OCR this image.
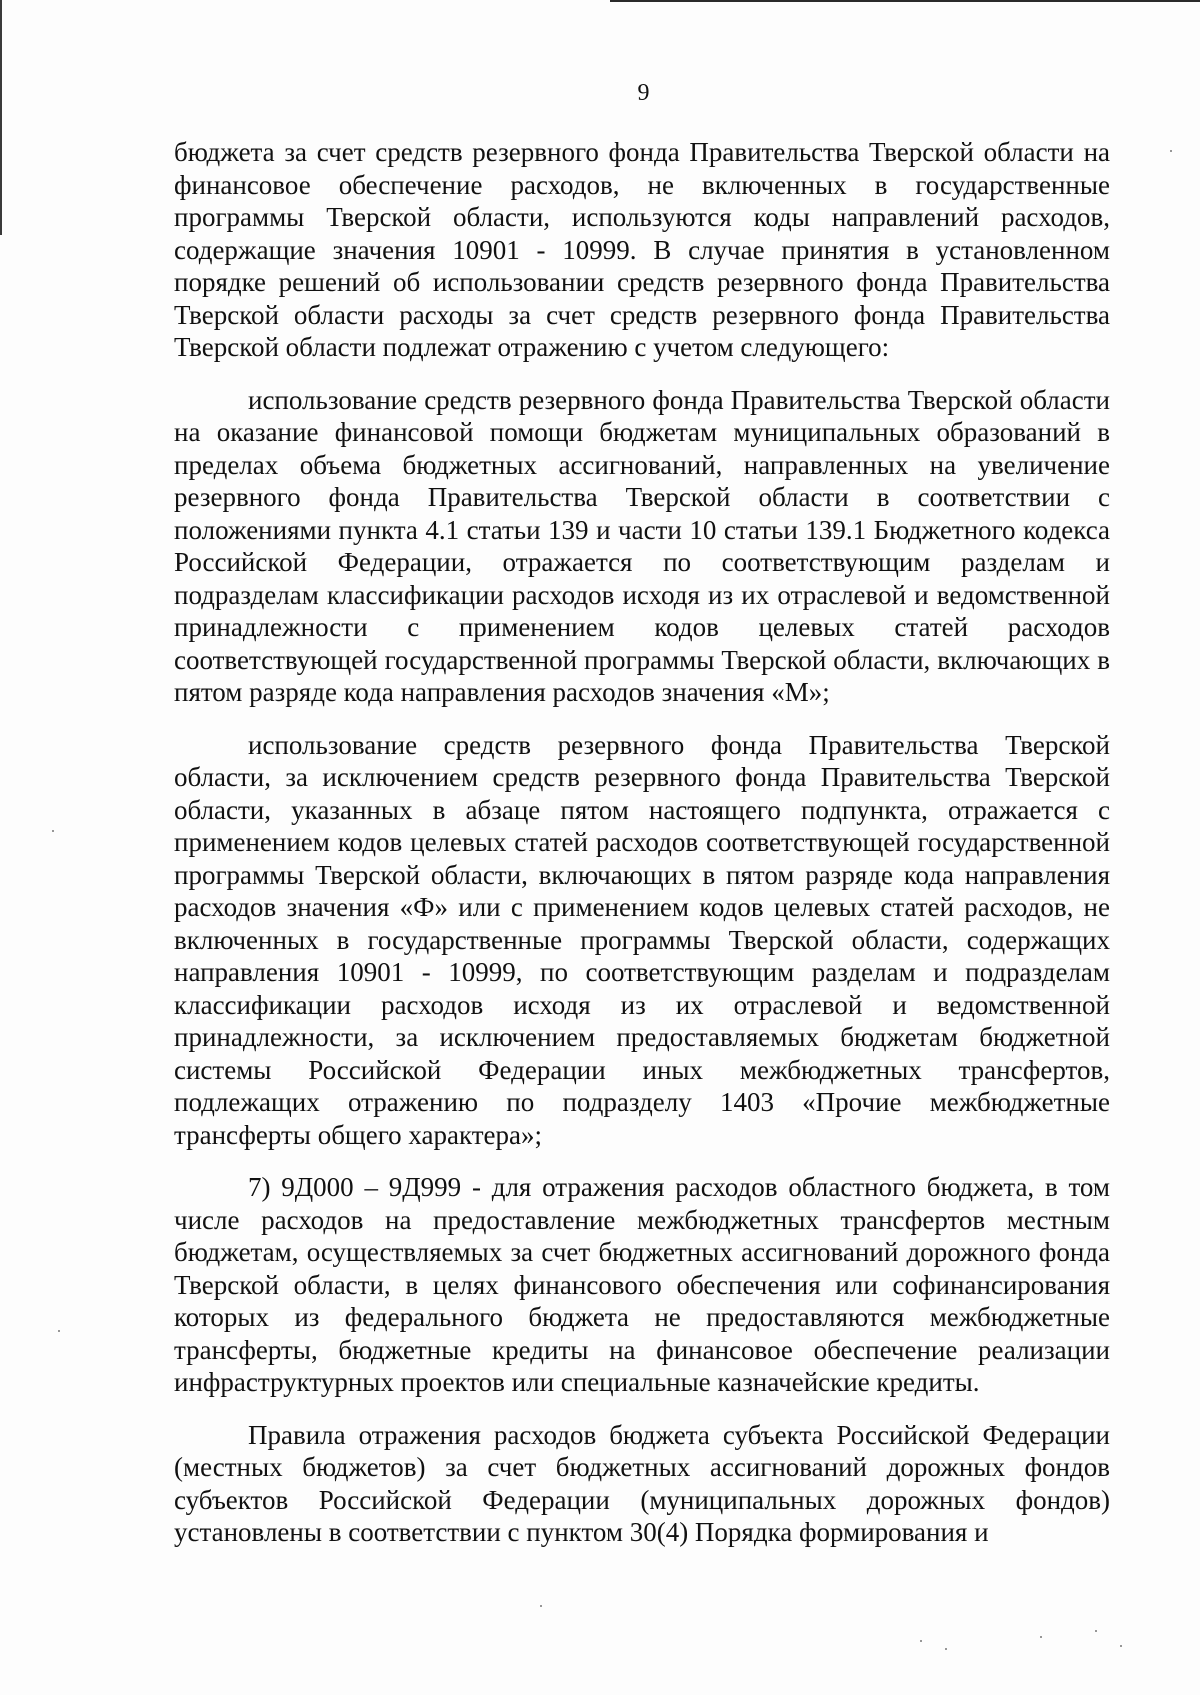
9

бюджета за счет средств резервного фонда Правительства Тверской области на финансовое обеспечение расходов, не включенных в государственные программы Тверской области, используются коды направлений расходов, содержащие значения 10901 - 10999. В случае принятия в установленном порядке решений об использовании средств резервного фонда Правительства Тверской области расходы за счет средств резервного фонда Правительства Тверской области подлежат отражению с учетом следующего:

использование средств резервного фонда Правительства Тверской области на оказание финансовой помощи бюджетам муниципальных образований в пределах объема бюджетных ассигнований, направленных на увеличение резервного фонда Правительства Тверской области в соответствии с положениями пункта 4.1 статьи 139 и части 10 статьи 139.1 Бюджетного кодекса Российской Федерации, отражается по соответствующим разделам и подразделам классификации расходов исходя из их отраслевой и ведомственной принадлежности с применением кодов целевых статей расходов соответствующей государственной программы Тверской области, включающих в пятом разряде кода направления расходов значения «М»;

использование средств резервного фонда Правительства Тверской области, за исключением средств резервного фонда Правительства Тверской области, указанных в абзаце пятом настоящего подпункта, отражается с применением кодов целевых статей расходов соответствующей государственной программы Тверской области, включающих в пятом разряде кода направления расходов значения «Ф» или с применением кодов целевых статей расходов, не включенных в государственные программы Тверской области, содержащих направления 10901 - 10999, по соответствующим разделам и подразделам классификации расходов исходя из их отраслевой и ведомственной принадлежности, за исключением предоставляемых бюджетам бюджетной системы Российской Федерации иных межбюджетных трансфертов, подлежащих отражению по подразделу 1403 «Прочие межбюджетные трансферты общего характера»;

7) 9Д000 – 9Д999 - для отражения расходов областного бюджета, в том числе расходов на предоставление межбюджетных трансфертов местным бюджетам, осуществляемых за счет бюджетных ассигнований дорожного фонда Тверской области, в целях финансового обеспечения или софинансирования которых из федерального бюджета не предоставляются межбюджетные трансферты, бюджетные кредиты на финансовое обеспечение реализации инфраструктурных проектов или специальные казначейские кредиты.

Правила отражения расходов бюджета субъекта Российской Федерации (местных бюджетов) за счет бюджетных ассигнований дорожных фондов субъектов Российской Федерации (муниципальных дорожных фондов) установлены в соответствии с пунктом 30(4) Порядка формирования и
